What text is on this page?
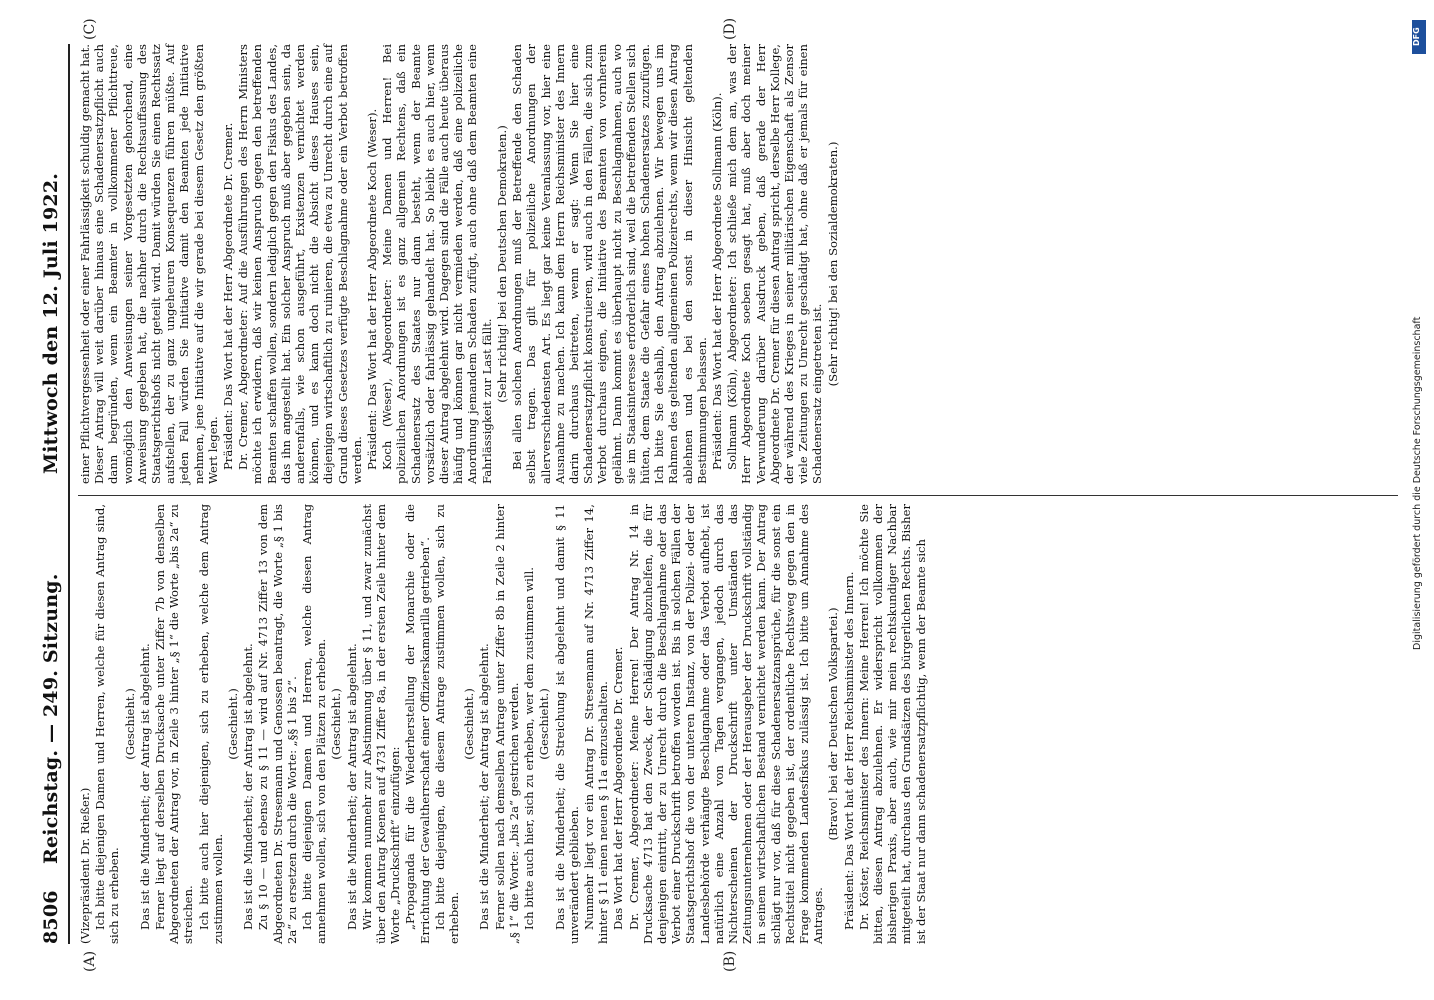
8506
Reichstag. — 249. Sitzung.
Mittwoch den 12. Juli 1922.
(A)	(B)
(C)	(D)

(Vizepräsident Dr. Rießer.) Ich bitte diejenigen Damen und Herren, welche für diesen Antrag sind, sich zu erheben.

(Geschieht.) Das ist die Minderheit; der Antrag ist abgelehnt. Ferner liegt auf derselben Drucksache unter Ziffer 7b von denselben Abgeordneten der Antrag vor, in Zeile 3 hinter „§ 1“ die Worte „bis 2a“ zu streichen. Ich bitte auch hier diejenigen, sich zu erheben, welche dem Antrag zustimmen wollen.

(Geschieht.) Das ist die Minderheit; der Antrag ist abgelehnt. Zu § 10 — und ebenso zu § 11 — wird auf Nr. 4713 Ziffer 13 von dem Abgeordneten Dr. Stresemann und Genossen beantragt, die Worte „§ 1 bis 2a“ zu ersetzen durch die Worte: „§§ 1 bis 2“. Ich bitte diejenigen Damen und Herren, welche diesen Antrag annehmen wollen, sich von den Plätzen zu erheben. (Geschieht.) Das ist die Minderheit; der Antrag ist abgelehnt. Wir kommen nunmehr zur Abstimmung über § 11, und zwar zunächst über den Antrag Koenen auf 4731 Ziffer 8a, in der ersten Zeile hinter dem Worte „Druckschrift“ einzufügen: „Propaganda für die Wiederherstellung der Monarchie oder die Errichtung der Gewaltherrschaft einer Offizierskamarilla getrieben“. Ich bitte diejenigen, die diesem Antrage zustimmen wollen, sich zu erheben.

(Geschieht.) Das ist die Minderheit; der Antrag ist abgelehnt. Ferner sollen nach demselben Antrage unter Ziffer 8b in Zeile 2 hinter „§ 1“ die Worte: „bis 2a“ gestrichen werden. Ich bitte auch hier, sich zu erheben, wer dem zustimmen will. (Geschieht.) Das ist die Minderheit; die Streichung ist abgelehnt und damit § 11 unverändert geblieben. Nunmehr liegt vor ein Antrag Dr. Stresemann auf Nr. 4713 Ziffer 14, hinter § 11 einen neuen § 11a einzuschalten. Das Wort hat der Herr Abgeordnete Dr. Cremer. Dr. Cremer, Abgeordneter: Meine Herren! Der Antrag Nr. 14 in Drucksache 4713 hat den Zweck, der Schädigung abzuhelfen, die für denjenigen eintritt, der zu Unrecht durch die Beschlagnahme oder das Verbot einer Druckschrift betroffen worden ist. Bis in solchen Fällen der Staatsgerichtshof die von der unteren Instanz, von der Polizei- oder der Landesbehörde verhängte Beschlagnahme oder das Verbot aufhebt, ist natürlich eine Anzahl von Tagen vergangen, jedoch durch das Nichterscheinen der Druckschrift unter Umständen das Zeitungsunternehmen oder der Herausgeber der Druckschrift vollständig in seinem wirtschaftlichen Bestand vernichtet werden kann. Der Antrag schlägt nur vor, daß für diese Schadenersatzansprüche, für die sonst ein Rechtstitel nicht gegeben ist, der ordentliche Rechtsweg gegen den in Frage kommenden Landesfiskus zulässig ist. Ich bitte um Annahme des Antrages.

(Bravo! bei der Deutschen Volkspartei.) Präsident: Das Wort hat der Herr Reichsminister des Innern. Dr. Köster, Reichsminister des Innern: Meine Herren! Ich möchte Sie bitten, diesen Antrag abzulehnen. Er widerspricht vollkommen der bisherigen Praxis, aber auch, wie mir mein rechtskundiger Nachbar mitgeteilt hat, durchaus den Grundsätzen des bürgerlichen Rechts. Bisher ist der Staat nur dann schadenersatzpflichtig, wenn der Beamte sich

einer Pflichtvergessenheit oder einer Fahrlässigkeit schuldig gemacht hat. Dieser Antrag will weit darüber hinaus eine Schadenersatzpflicht auch dann begründen, wenn ein Beamter in vollkommener Pflichttreue, womöglich den Anweisungen seiner Vorgesetzten gehorchend, eine Anweisung gegeben hat, die nachher durch die Rechtsauffassung des Staatsgerichtshofs nicht geteilt wird. Damit würden Sie einen Rechtssatz aufstellen, der zu ganz ungeheuren Konsequenzen führen müßte. Auf jeden Fall würden Sie Initiative damit den Beamten jede Initiative nehmen, jene Initiative auf die wir gerade bei diesem Gesetz den größten Wert legen. Präsident: Das Wort hat der Herr Abgeordnete Dr. Cremer. Dr. Cremer, Abgeordneter: Auf die Ausführungen des Herrn Ministers möchte ich erwidern, daß wir keinen Anspruch gegen den betreffenden Beamten schaffen wollen, sondern lediglich gegen den Fiskus des Landes, das ihn angestellt hat. Ein solcher Anspruch muß aber gegeben sein, da anderenfalls, wie schon ausgeführt, Existenzen vernichtet werden können, und es kann doch nicht die Absicht dieses Hauses sein, diejenigen wirtschaftlich zu ruinieren, die etwa zu Unrecht durch eine auf Grund dieses Gesetzes verfügte Beschlagnahme oder ein Verbot betroffen werden. Präsident: Das Wort hat der Herr Abgeordnete Koch (Weser). Koch (Weser), Abgeordneter: Meine Damen und Herren! Bei polizeilichen Anordnungen ist es ganz allgemein Rechtens, daß ein Schadenersatz des Staates nur dann besteht, wenn der Beamte vorsätzlich oder fahrlässig gehandelt hat. So bleibt es auch hier, wenn dieser Antrag abgelehnt wird. Dagegen sind die Fälle auch heute überaus häufig und können gar nicht vermieden werden, daß eine polizeiliche Anordnung jemandem Schaden zufügt, auch ohne daß dem Beamten eine Fahrlässigkeit zur Last fällt. (Sehr richtig! bei den Deutschen Demokraten.) Bei allen solchen Anordnungen muß der Betreffende den Schaden selbst tragen. Das gilt für polizeiliche Anordnungen der allerverschiedensten Art. Es liegt gar keine Veranlassung vor, hier eine Ausnahme zu machen. Ich kann dem Herrn Reichsminister des Innern darin durchaus beitreten, wenn er sagt: Wenn Sie hier eine Schadenersatzpflicht konstruieren, wird auch in den Fällen, die sich zum Verbot durchaus eignen, die Initiative des Beamten von vornherein gelähmt. Dann kommt es überhaupt nicht zu Beschlagnahmen, auch wo sie im Staatsinteresse erforderlich sind, weil die betreffenden Stellen sich hüten, dem Staate die Gefahr eines hohen Schadenersatzes zuzufügen. Ich bitte Sie deshalb, den Antrag abzulehnen. Wir bewegen uns im Rahmen des geltenden allgemeinen Polizeirechts, wenn wir diesen Antrag ablehnen und es bei den sonst in dieser Hinsicht geltenden Bestimmungen belassen. Präsident: Das Wort hat der Herr Abgeordnete Sollmann (Köln). Sollmann (Köln), Abgeordneter: Ich schließe mich dem an, was der Herr Abgeordnete Koch soeben gesagt hat, muß aber doch meiner Verwunderung darüber Ausdruck geben, daß gerade der Herr Abgeordnete Dr. Cremer für diesen Antrag spricht, derselbe Herr Kollege, der während des Krieges in seiner militärischen Eigenschaft als Zensor viele Zeitungen zu Unrecht geschädigt hat, ohne daß er jemals für einen Schadenersatz eingetreten ist.

(Sehr richtig! bei den Sozialdemokraten.)

DFG
Digitalisierung gefördert durch die Deutsche Forschungsgemeinschaft
